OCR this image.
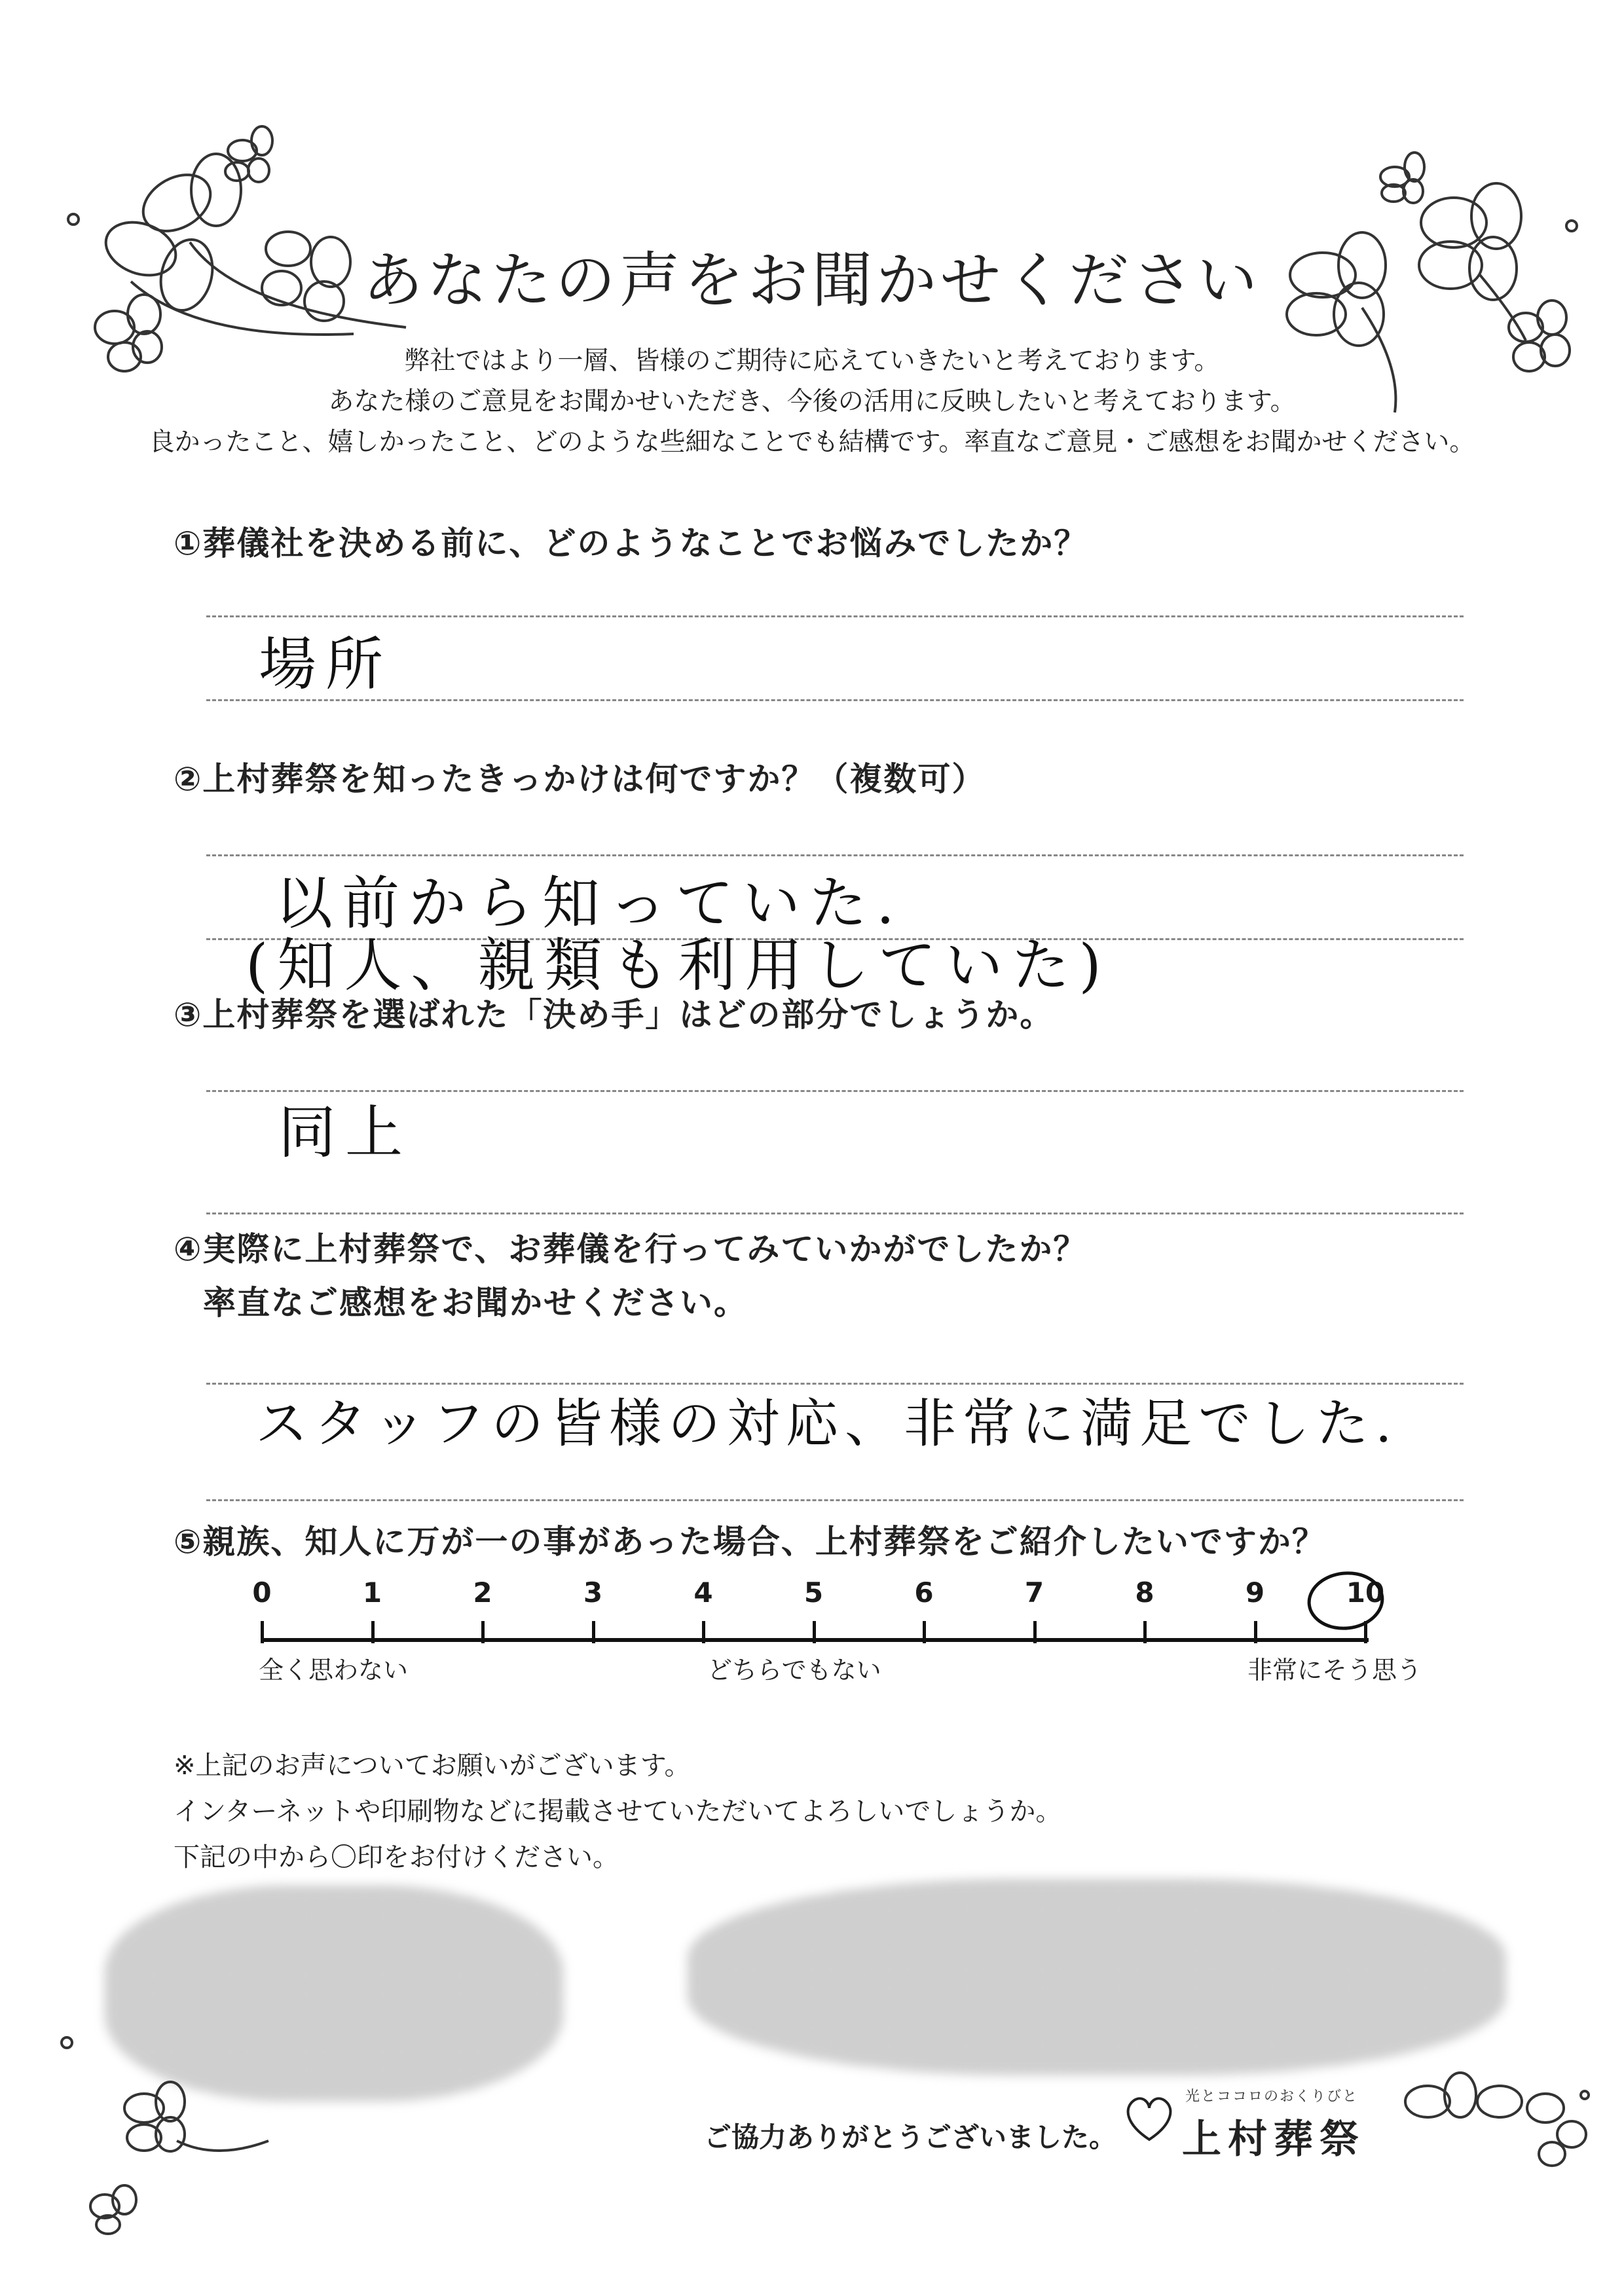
あなたの声をお聞かせください
弊社ではより一層、皆様のご期待に応えていきたいと考えております。
あなた様のご意見をお聞かせいただき、今後の活用に反映したいと考えております。
良かったこと、嬉しかったこと、どのような些細なことでも結構です。率直なご意見・ご感想をお聞かせください。
①葬儀社を決める前に、どのようなことでお悩みでしたか？
場所
②上村葬祭を知ったきっかけは何ですか？（複数可）
以前から知っていた.
(知人、親類も利用していた)
③上村葬祭を選ばれた「決め手」はどの部分でしょうか。
同上
④実際に上村葬祭で、お葬儀を行ってみていかがでしたか？
率直なご感想をお聞かせください。
スタッフの皆様の対応、非常に満足でした.
⑤親族、知人に万が一の事があった場合、上村葬祭をご紹介したいですか？
0	1	2	3	4	5	6	7	8	9	10
全く思わない	どちらでもない	非常にそう思う
※上記のお声についてお願いがございます。
インターネットや印刷物などに掲載させていただいてよろしいでしょうか。
下記の中から〇印をお付けください。
ご協力ありがとうございました。
光とココロのおくりびと
上村葬祭
